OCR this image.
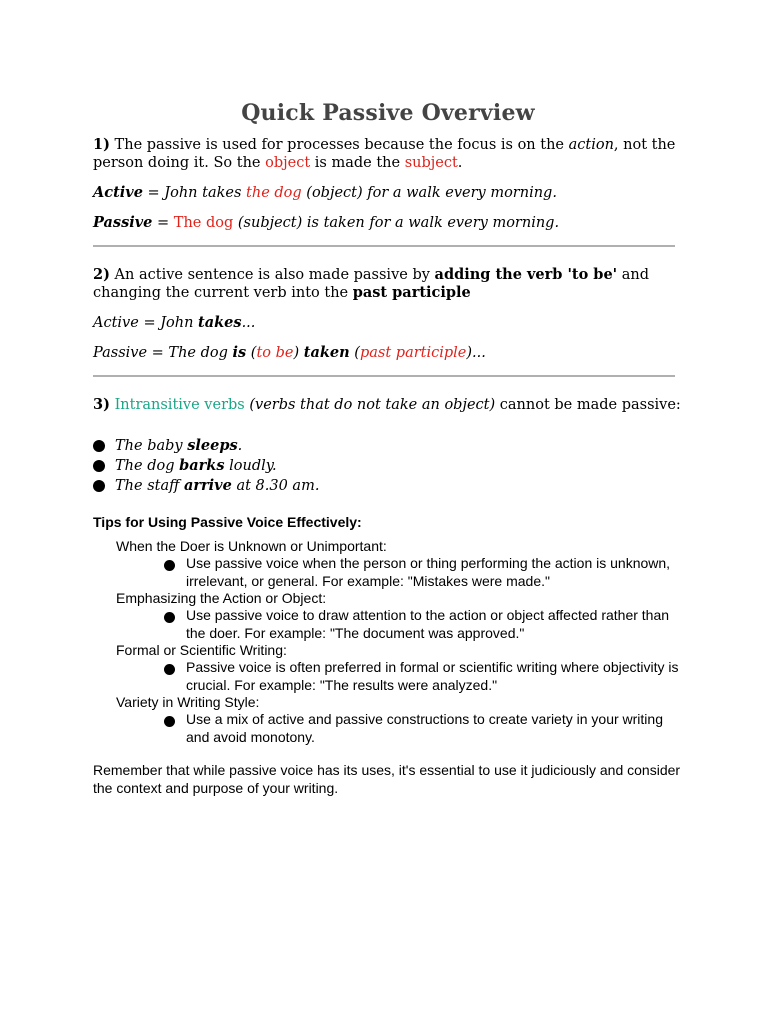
Quick Passive Overview

1) The passive is used for processes because the focus is on the action, not the person doing it. So the object is made the subject.

Active = John takes the dog (object) for a walk every morning.

Passive = The dog (subject) is taken for a walk every morning.

2) An active sentence is also made passive by adding the verb 'to be' and changing the current verb into the past participle

Active = John takes...

Passive = The dog is (to be) taken (past participle)...

3) Intransitive verbs (verbs that do not take an object) cannot be made passive:

The baby sleeps.
The dog barks loudly.
The staff arrive at 8.30 am.
Tips for Using Passive Voice Effectively:
When the Doer is Unknown or Unimportant:
Use passive voice when the person or thing performing the action is unknown, irrelevant, or general. For example: "Mistakes were made."
Emphasizing the Action or Object:
Use passive voice to draw attention to the action or object affected rather than the doer. For example: "The document was approved."
Formal or Scientific Writing:
Passive voice is often preferred in formal or scientific writing where objectivity is crucial. For example: "The results were analyzed."
Variety in Writing Style:
Use a mix of active and passive constructions to create variety in your writing and avoid monotony.

Remember that while passive voice has its uses, it's essential to use it judiciously and consider the context and purpose of your writing.
